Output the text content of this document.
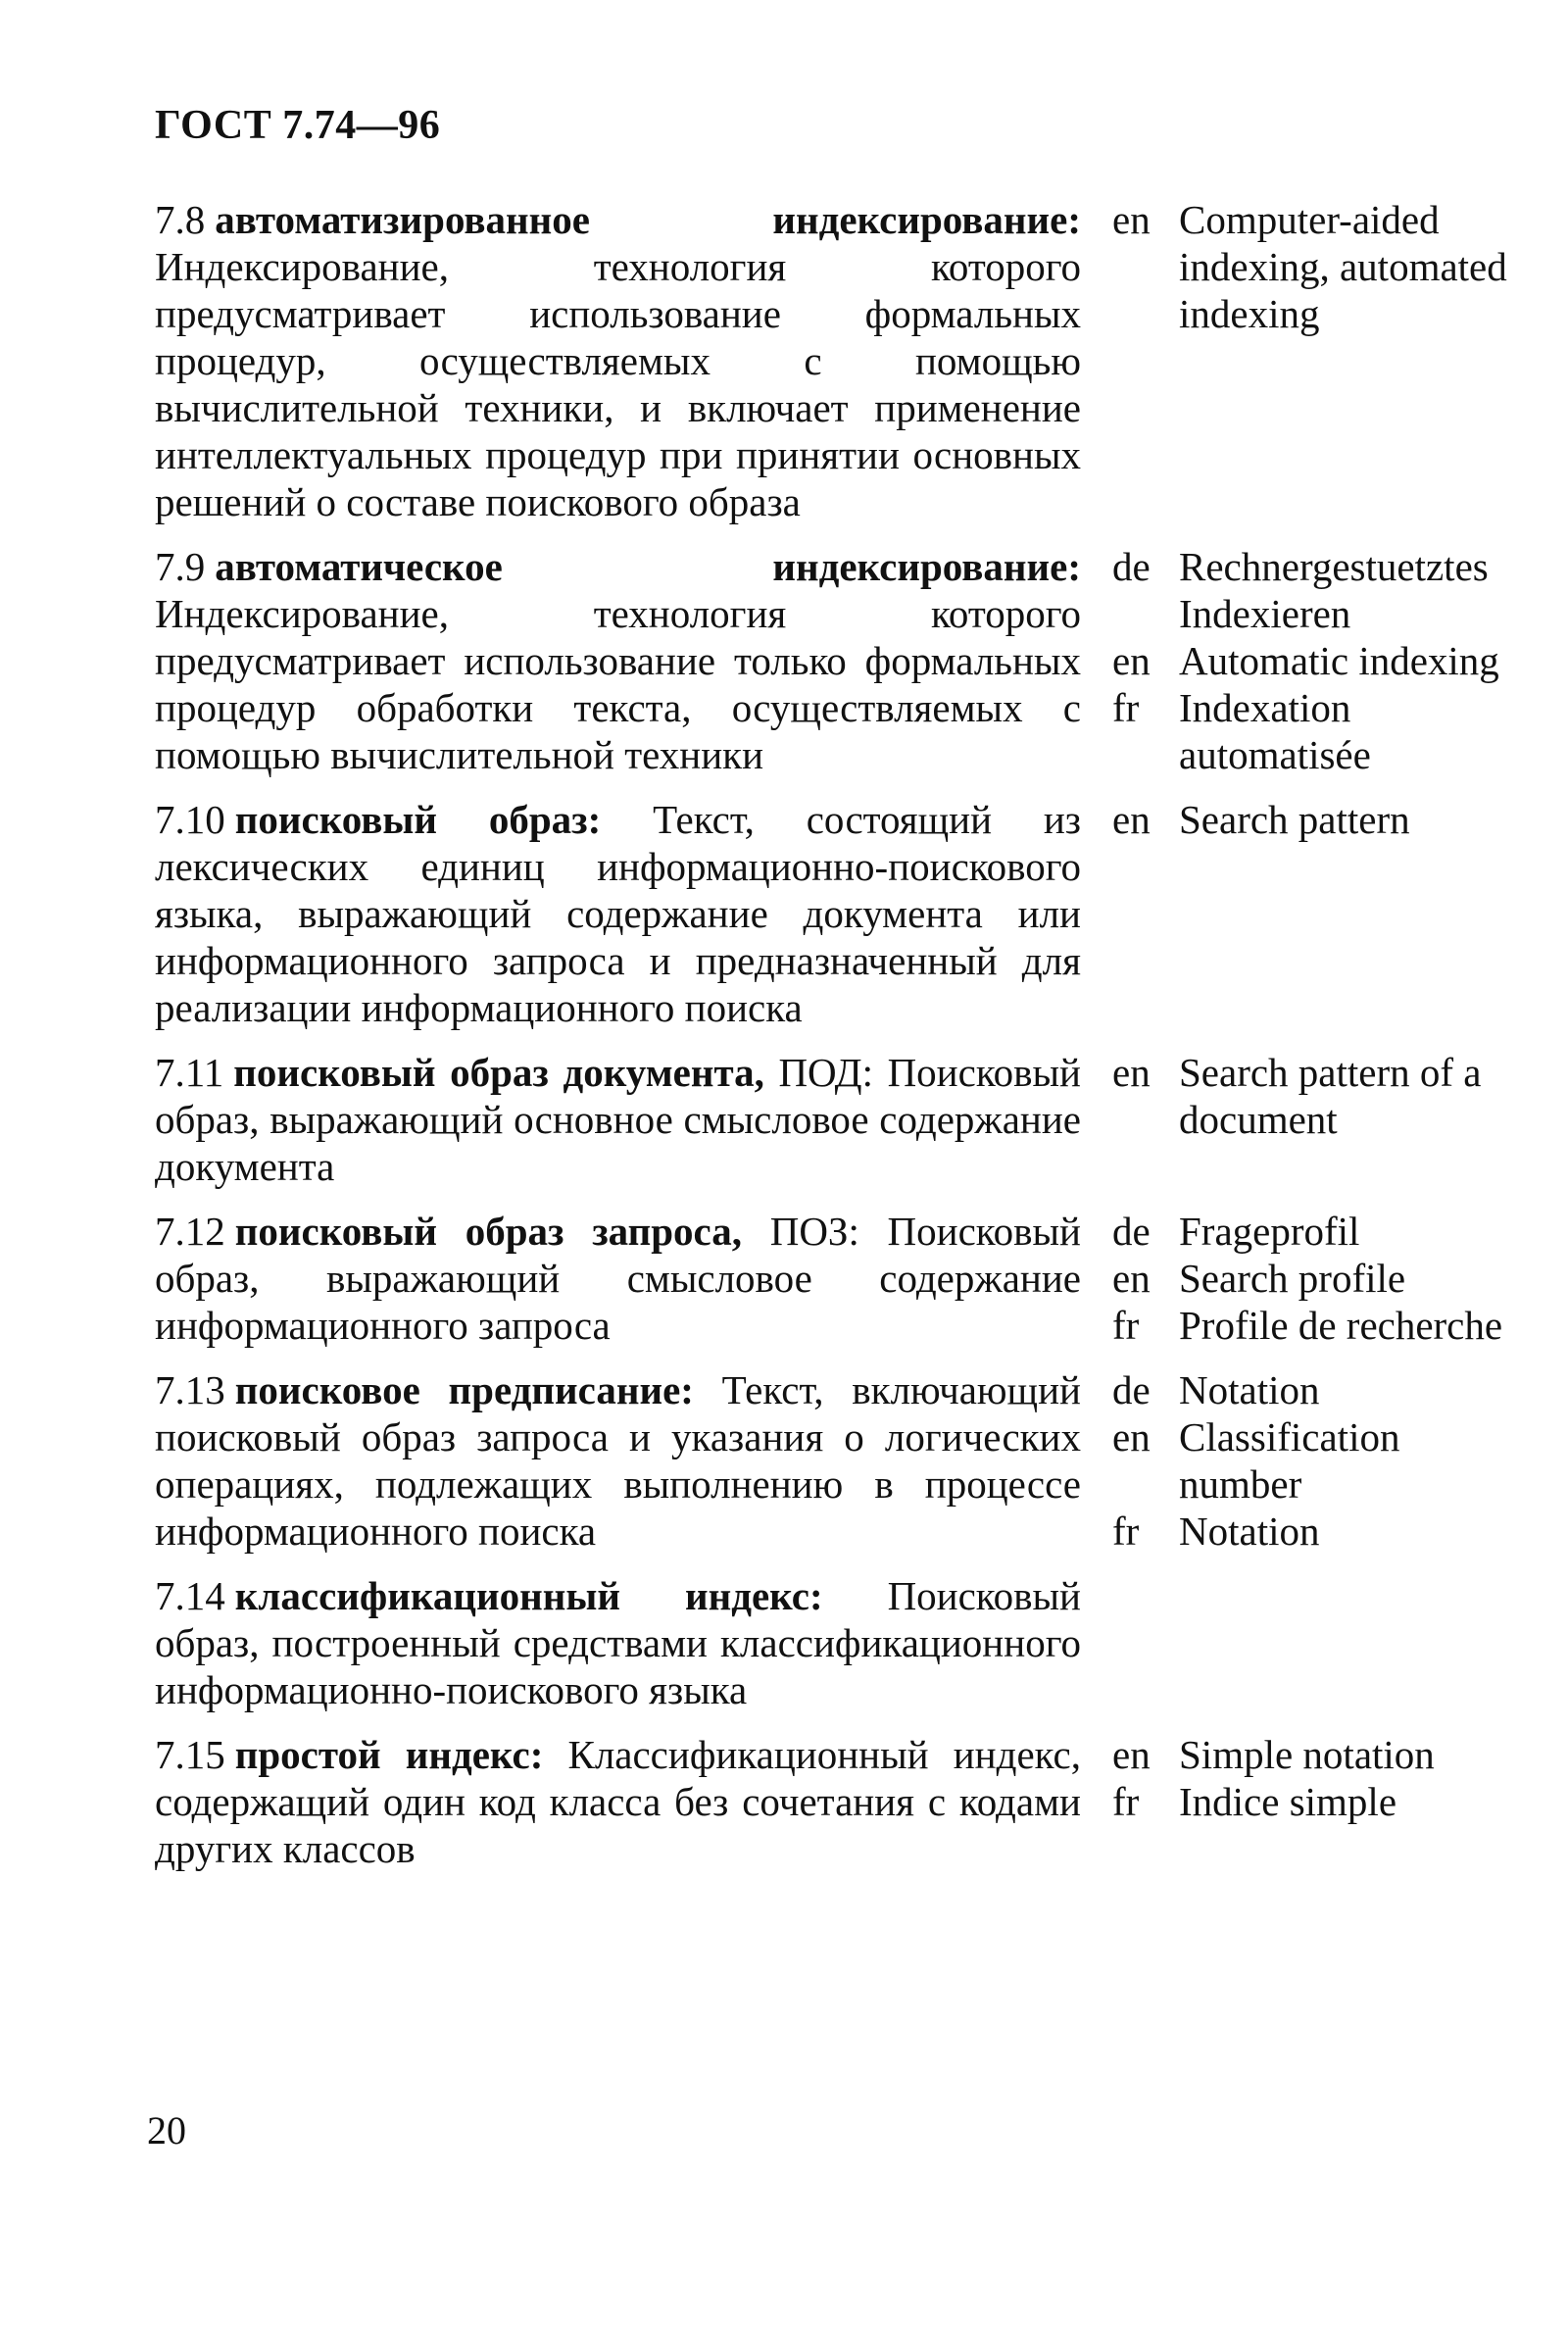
ГОСТ 7.74—96
7.8 автоматизированное индексирование: Индексирование, технология которого предусматривает использование формальных процедур, осуществляемых с помощью вычислительной техники, и включает применение интеллектуальных процедур при принятии основных решений о составе поискового образа
en Computer-aided indexing, automated indexing
7.9 автоматическое индексирование: Индексирование, технология которого предусматривает использование только формальных процедур обработки текста, осуществляемых с помощью вычислительной техники
de Rechnergestuetztes Indexieren
en Automatic indexing
fr Indexation automatisée
7.10 поисковый образ: Текст, состоящий из лексических единиц информационно-поискового языка, выражающий содержание документа или информационного запроса и предназначенный для реализации информационного поиска
en Search pattern
7.11 поисковый образ документа, ПОД: Поисковый образ, выражающий основное смысловое содержание документа
en Search pattern of a document
7.12 поисковый образ запроса, ПОЗ: Поисковый образ, выражающий смысловое содержание информационного запроса
de Frageprofil
en Search profile
fr Profile de recherche
7.13 поисковое предписание: Текст, включающий поисковый образ запроса и указания о логических операциях, подлежащих выполнению в процессе информационного поиска
de Notation
en Classification number
fr Notation
7.14 классификационный индекс: Поисковый образ, построенный средствами классификационного информационно-поискового языка
7.15 простой индекс: Классификационный индекс, содержащий один код класса без сочетания с кодами других классов
en Simple notation
fr Indice simple
20
